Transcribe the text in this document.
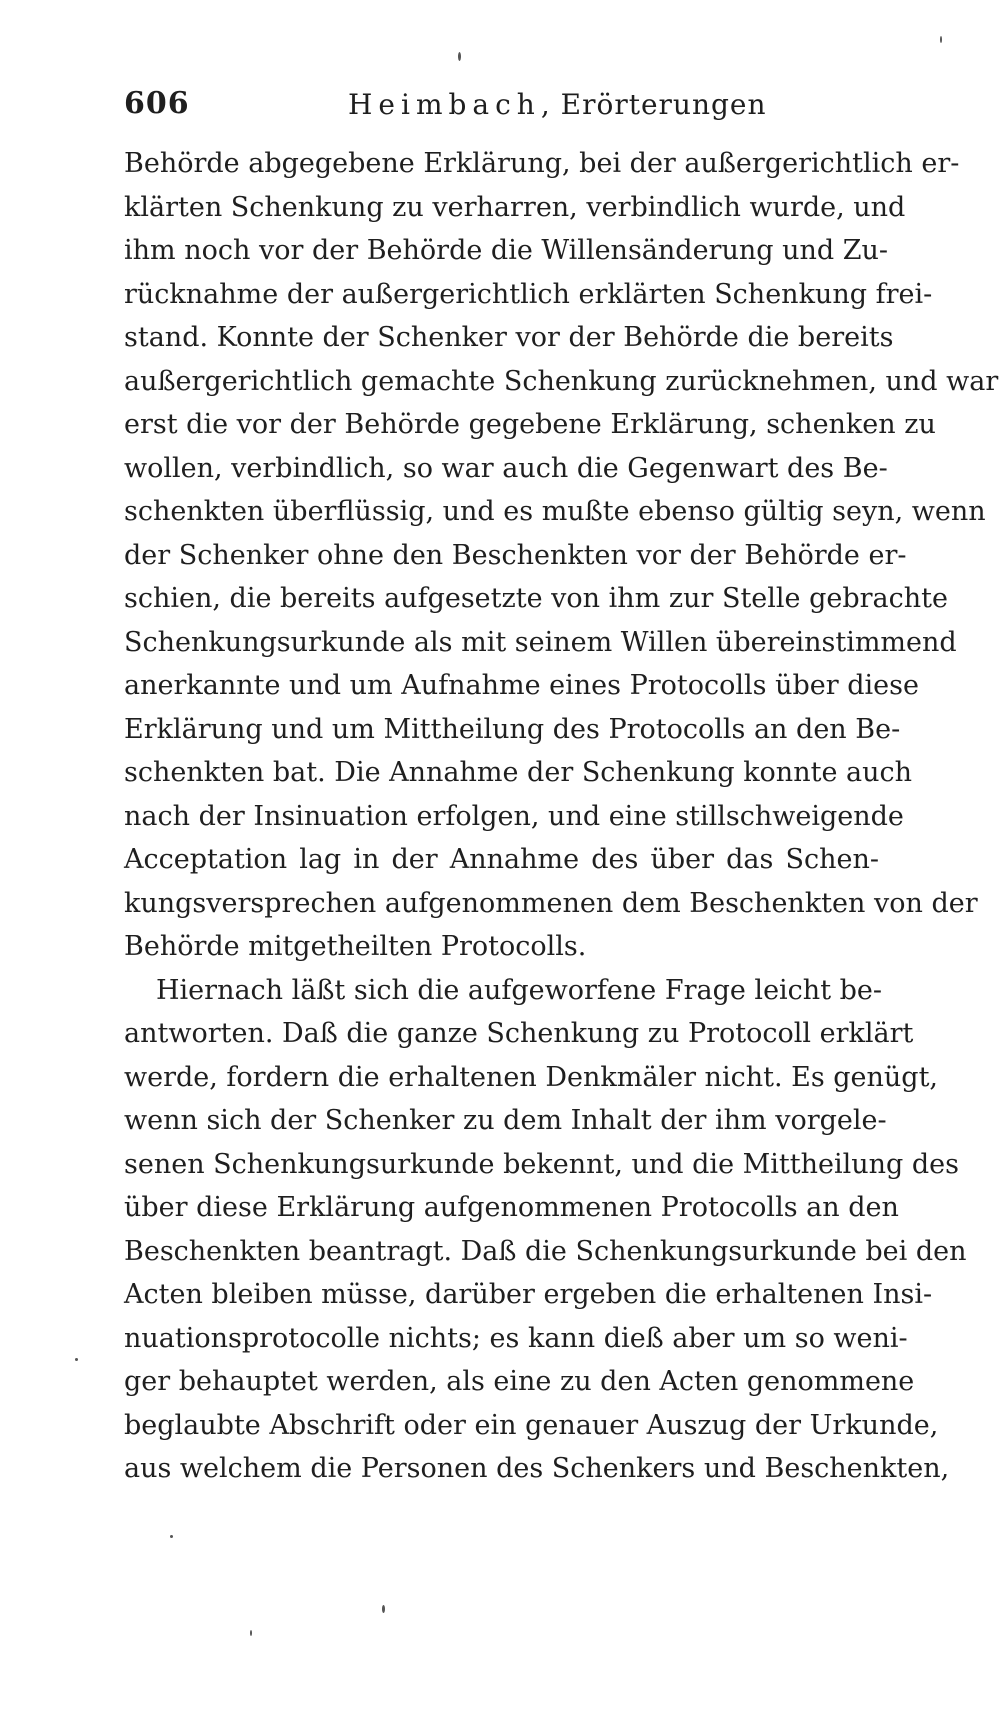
606	Heimbach, Erörterungen
Behörde abgegebene Erklärung, bei der außergerichtlich er-
klärten Schenkung zu verharren, verbindlich wurde, und
ihm noch vor der Behörde die Willensänderung und Zu-
rücknahme der außergerichtlich erklärten Schenkung frei-
stand. Konnte der Schenker vor der Behörde die bereits
außergerichtlich gemachte Schenkung zurücknehmen, und war
erst die vor der Behörde gegebene Erklärung, schenken zu
wollen, verbindlich, so war auch die Gegenwart des Be-
schenkten überflüssig, und es mußte ebenso gültig seyn, wenn
der Schenker ohne den Beschenkten vor der Behörde er-
schien, die bereits aufgesetzte von ihm zur Stelle gebrachte
Schenkungsurkunde als mit seinem Willen übereinstimmend
anerkannte und um Aufnahme eines Protocolls über diese
Erklärung und um Mittheilung des Protocolls an den Be-
schenkten bat. Die Annahme der Schenkung konnte auch
nach der Insinuation erfolgen, und eine stillschweigende
Acceptation lag in der Annahme des über das Schen-
kungsversprechen aufgenommenen dem Beschenkten von der
Behörde mitgetheilten Protocolls.
Hiernach läßt sich die aufgeworfene Frage leicht be-
antworten. Daß die ganze Schenkung zu Protocoll erklärt
werde, fordern die erhaltenen Denkmäler nicht. Es genügt,
wenn sich der Schenker zu dem Inhalt der ihm vorgele-
senen Schenkungsurkunde bekennt, und die Mittheilung des
über diese Erklärung aufgenommenen Protocolls an den
Beschenkten beantragt. Daß die Schenkungsurkunde bei den
Acten bleiben müsse, darüber ergeben die erhaltenen Insi-
nuationsprotocolle nichts; es kann dieß aber um so weni-
ger behauptet werden, als eine zu den Acten genommene
beglaubte Abschrift oder ein genauer Auszug der Urkunde,
aus welchem die Personen des Schenkers und Beschenkten,
